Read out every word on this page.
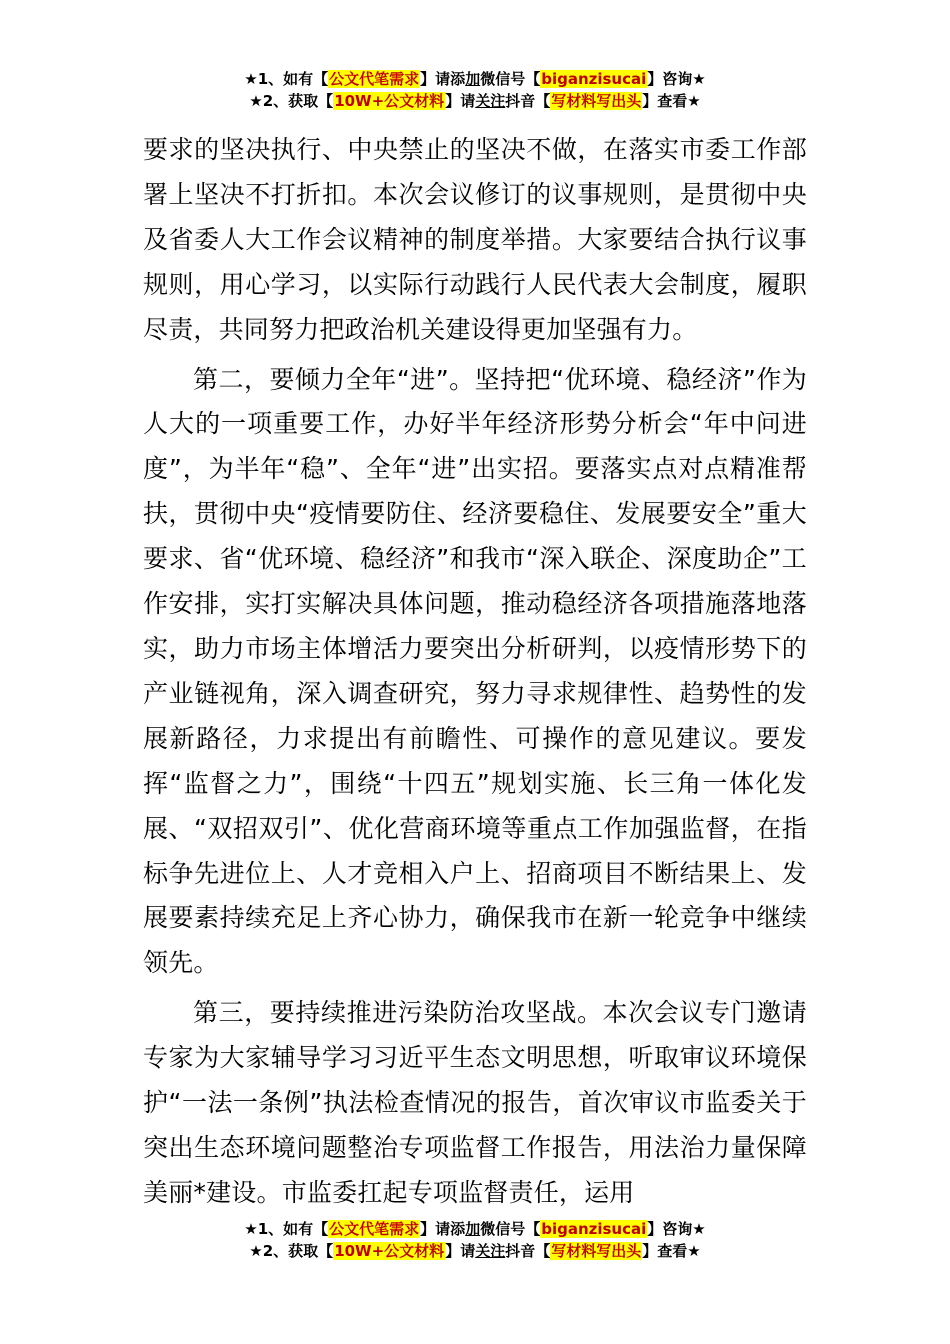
★1、如有【公文代笔需求】请添加微信号【biganzisucai】咨询★
★2、获取【10W+公文材料】请关注抖音【写材料写出头】查看★

要求的坚决执行、中央禁止的坚决不做，在落实市委工作部署上坚决不打折扣。本次会议修订的议事规则，是贯彻中央及省委人大工作会议精神的制度举措。大家要结合执行议事规则，用心学习，以实际行动践行人民代表大会制度，履职尽责，共同努力把政治机关建设得更加坚强有力。

第二，要倾力全年“进”。坚持把“优环境、稳经济”作为人大的一项重要工作，办好半年经济形势分析会“年中问进度”，为半年“稳”、全年“进”出实招。要落实点对点精准帮扶，贯彻中央“疫情要防住、经济要稳住、发展要安全”重大要求、省“优环境、稳经济”和我市“深入联企、深度助企”工作安排，实打实解决具体问题，推动稳经济各项措施落地落实，助力市场主体增活力要突出分析研判，以疫情形势下的产业链视角，深入调查研究，努力寻求规律性、趋势性的发展新路径，力求提出有前瞻性、可操作的意见建议。要发挥“监督之力”，围绕“十四五”规划实施、长三角一体化发展、“双招双引”、优化营商环境等重点工作加强监督，在指标争先进位上、人才竞相入户上、招商项目不断结果上、发展要素持续充足上齐心协力，确保我市在新一轮竞争中继续领先。

第三，要持续推进污染防治攻坚战。本次会议专门邀请专家为大家辅导学习习近平生态文明思想，听取审议环境保护“一法一条例”执法检查情况的报告，首次审议市监委关于突出生态环境问题整治专项监督工作报告，用法治力量保障美丽*建设。市监委扛起专项监督责任，运用

★1、如有【公文代笔需求】请添加微信号【biganzisucai】咨询★
★2、获取【10W+公文材料】请关注抖音【写材料写出头】查看★
